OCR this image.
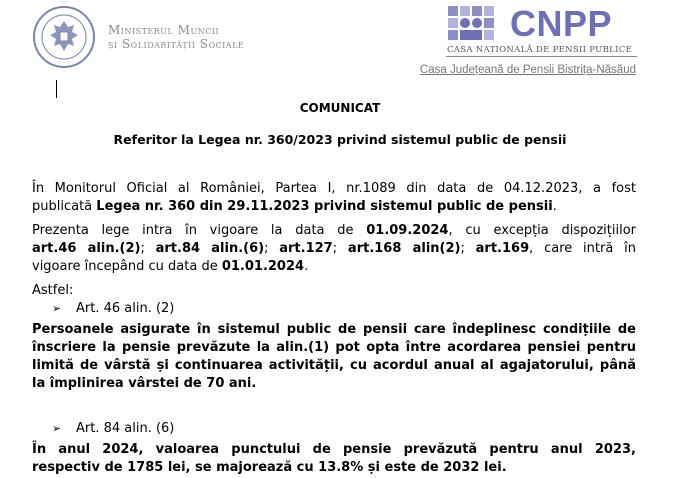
Ministerul Muncii
și Solidarității Sociale
CNPP
CASA NAȚIONALĂ DE PENSII PUBLICE
Casa Județeană de Pensii Bistrița-Năsăud
COMUNICAT
Referitor la Legea nr. 360/2023 privind sistemul public de pensii
În Monitorul Oficial al României, Partea I, nr.1089 din data de 04.12.2023, a fost
publicată Legea nr. 360 din 29.11.2023 privind sistemul public de pensii.
Prezenta lege intra în vigoare la data de 01.09.2024, cu excepția dispozițiilor
art.46 alin.(2); art.84 alin.(6); art.127; art.168 alin(2); art.169, care intră în
vigoare începând cu data de 01.01.2024.
Astfel:
➢	Art. 46 alin. (2)
Persoanele asigurate în sistemul public de pensii care îndeplinesc condițiile de
înscriere la pensie prevăzute la alin.(1) pot opta între acordarea pensiei pentru
limită de vârstă și continuarea activității, cu acordul anual al agajatorului, până
la împlinirea vârstei de 70 ani.
➢	Art. 84 alin. (6)
În anul 2024, valoarea punctului de pensie prevăzută pentru anul 2023,
respectiv de 1785 lei, se majorează cu 13.8% și este de 2032 lei.
